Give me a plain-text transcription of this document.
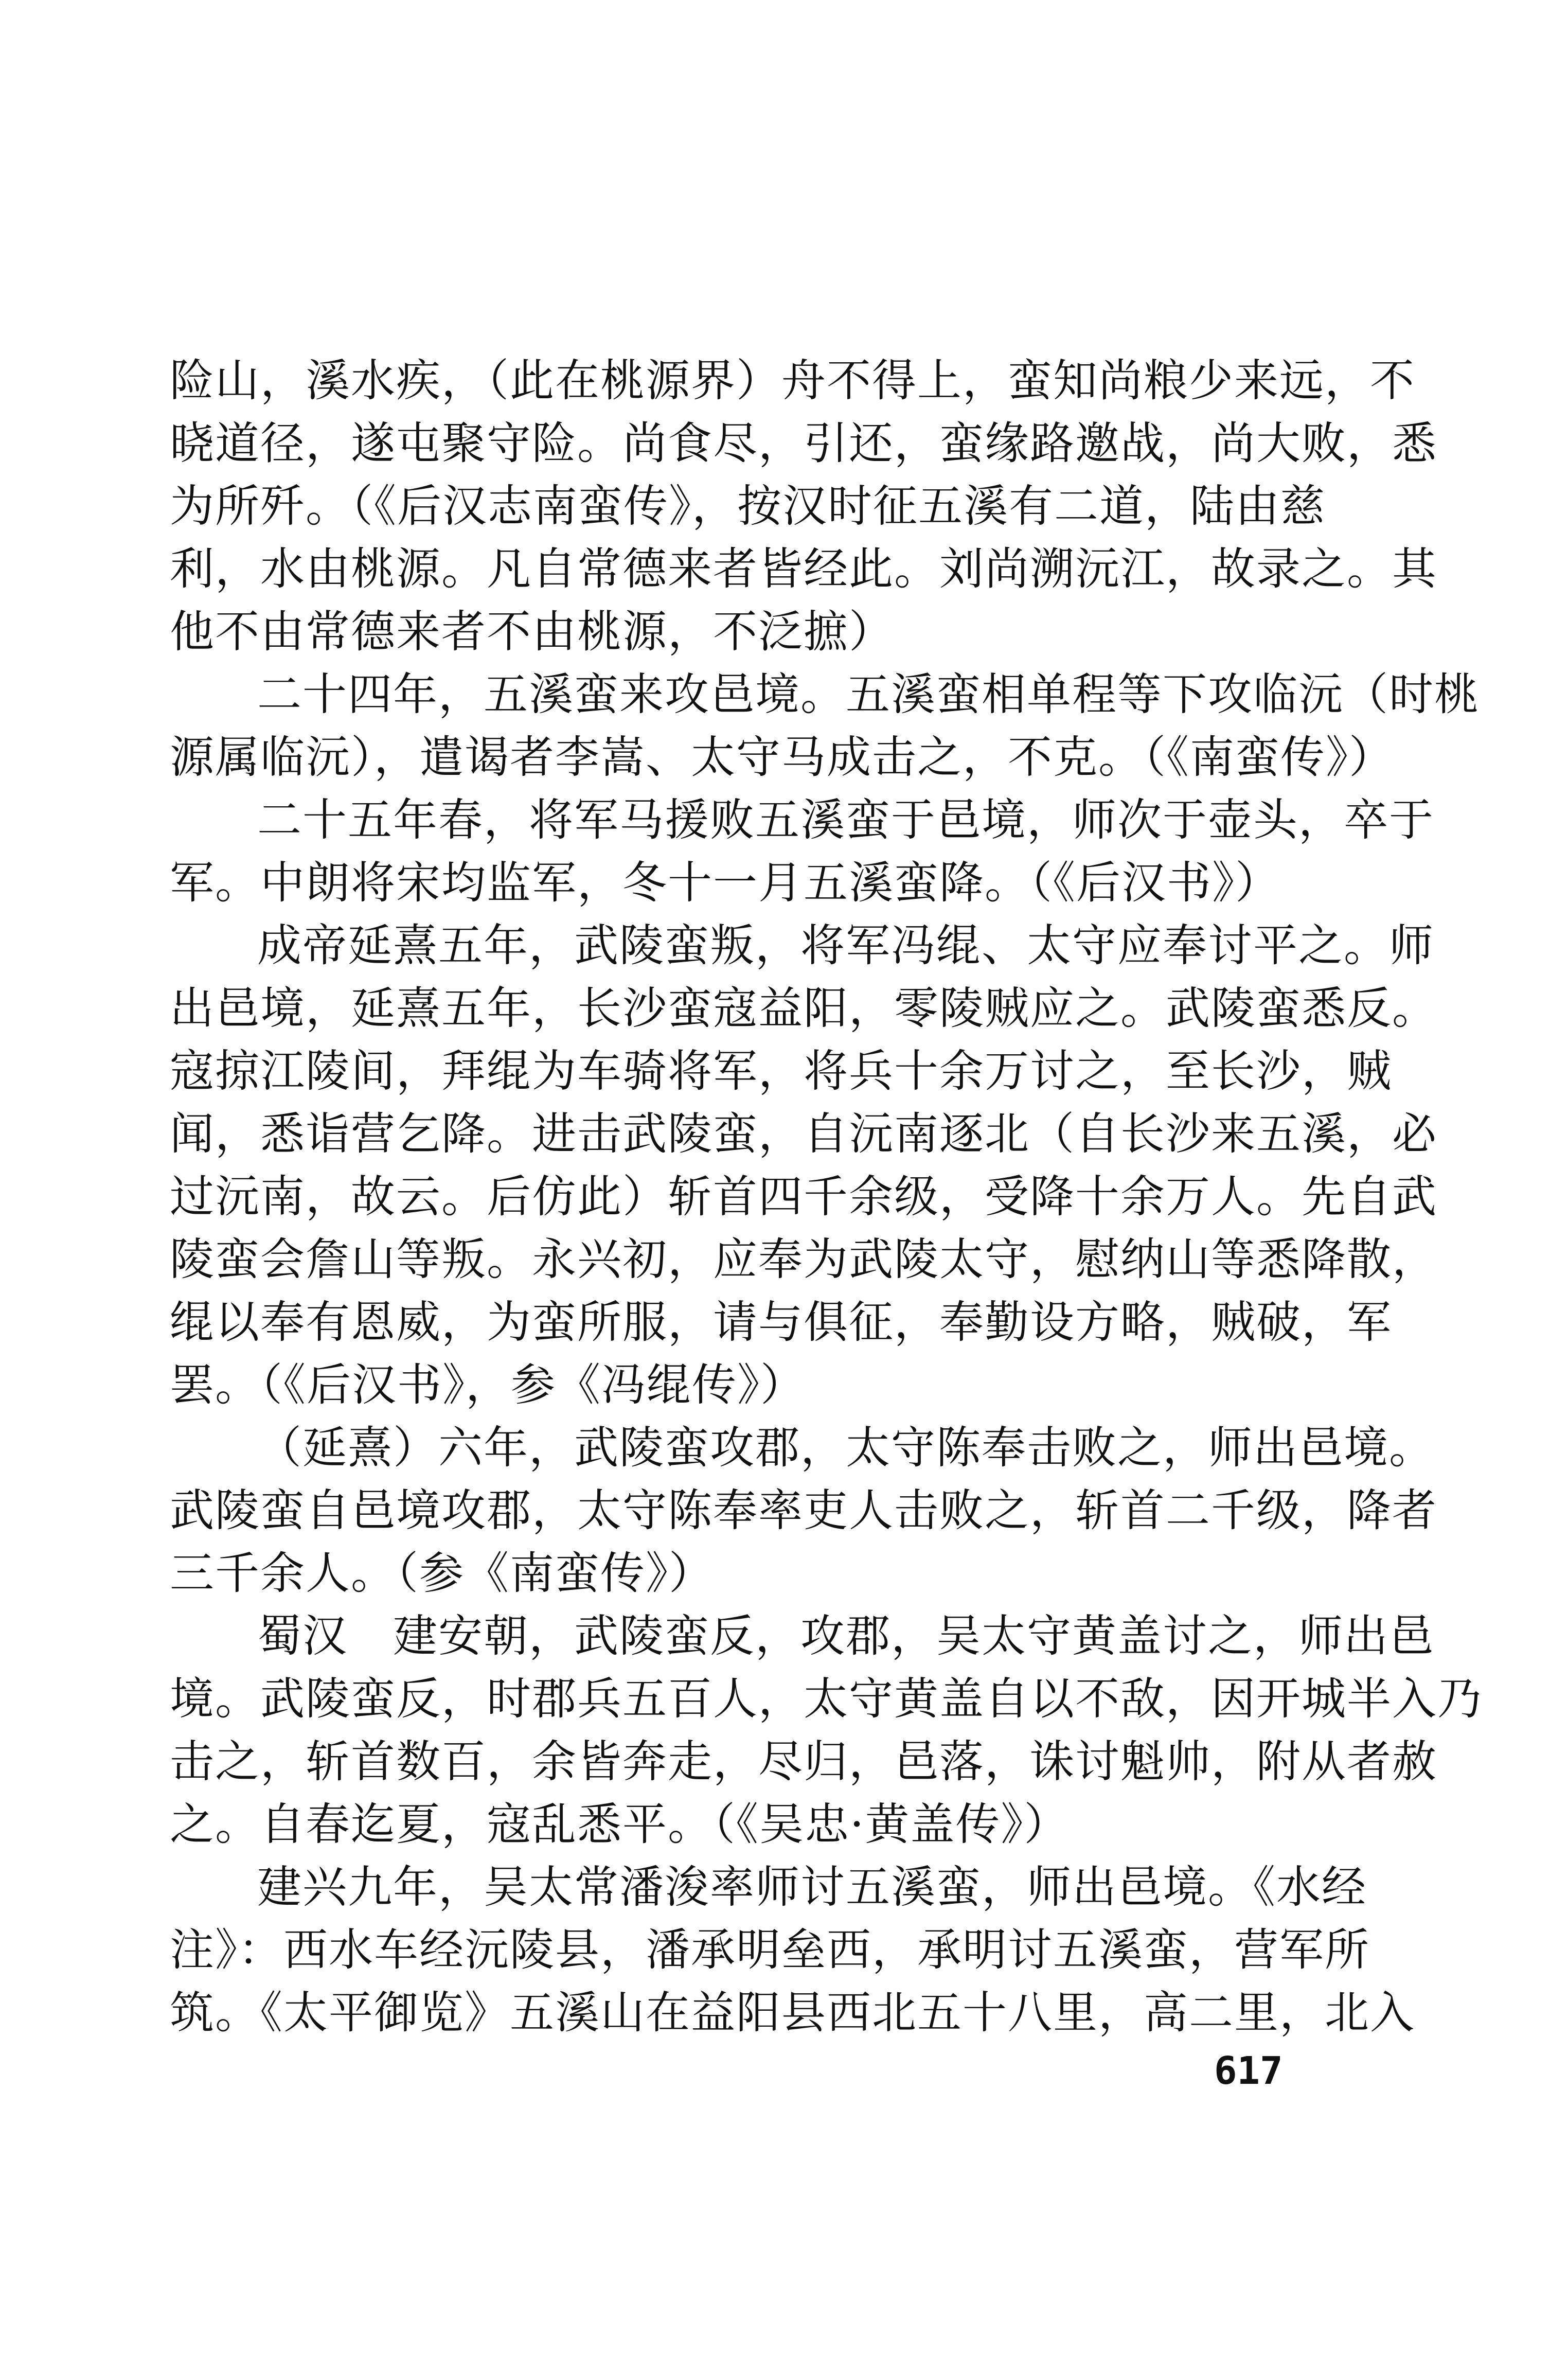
险山，溪水疾，（此在桃源界）舟不得上，蛮知尚粮少来远，不
晓道径，遂屯聚守险。尚食尽，引还，蛮缘路邀战，尚大败，悉
为所歼。（《后汉志南蛮传》，按汉时征五溪有二道，陆由慈
利，水由桃源。凡自常德来者皆经此。刘尚溯沅江，故录之。其
他不由常德来者不由桃源，不泛摭）
二十四年，五溪蛮来攻邑境。五溪蛮相单程等下攻临沅（时桃
源属临沅），遣谒者李嵩、太守马成击之，不克。（《南蛮传》）
二十五年春，将军马援败五溪蛮于邑境，师次于壶头，卒于
军。中朗将宋均监军，冬十一月五溪蛮降。（《后汉书》）
成帝延熹五年，武陵蛮叛，将军冯绲、太守应奉讨平之。师
出邑境，延熹五年，长沙蛮寇益阳，零陵贼应之。武陵蛮悉反。
寇掠江陵间，拜绲为车骑将军，将兵十余万讨之，至长沙，贼
闻，悉诣营乞降。进击武陵蛮，自沅南逐北（自长沙来五溪，必
过沅南，故云。后仿此）斩首四千余级，受降十余万人。先自武
陵蛮会詹山等叛。永兴初，应奉为武陵太守，慰纳山等悉降散，
绲以奉有恩威，为蛮所服，请与俱征，奉勤设方略，贼破，军
罢。（《后汉书》，参《冯绲传》）
（延熹）六年，武陵蛮攻郡，太守陈奉击败之，师出邑境。
武陵蛮自邑境攻郡，太守陈奉率吏人击败之，斩首二千级，降者
三千余人。（参《南蛮传》）
蜀汉　建安朝，武陵蛮反，攻郡，吴太守黄盖讨之，师出邑
境。武陵蛮反，时郡兵五百人，太守黄盖自以不敌，因开城半入乃
击之，斩首数百，余皆奔走，尽归，邑落，诛讨魁帅，附从者赦
之。自春迄夏，寇乱悉平。（《吴忠·黄盖传》）
建兴九年，吴太常潘浚率师讨五溪蛮，师出邑境。《水经
注》：西水车经沅陵县，潘承明垒西，承明讨五溪蛮，营军所
筑。《太平御览》五溪山在益阳县西北五十八里，高二里，北入
617
